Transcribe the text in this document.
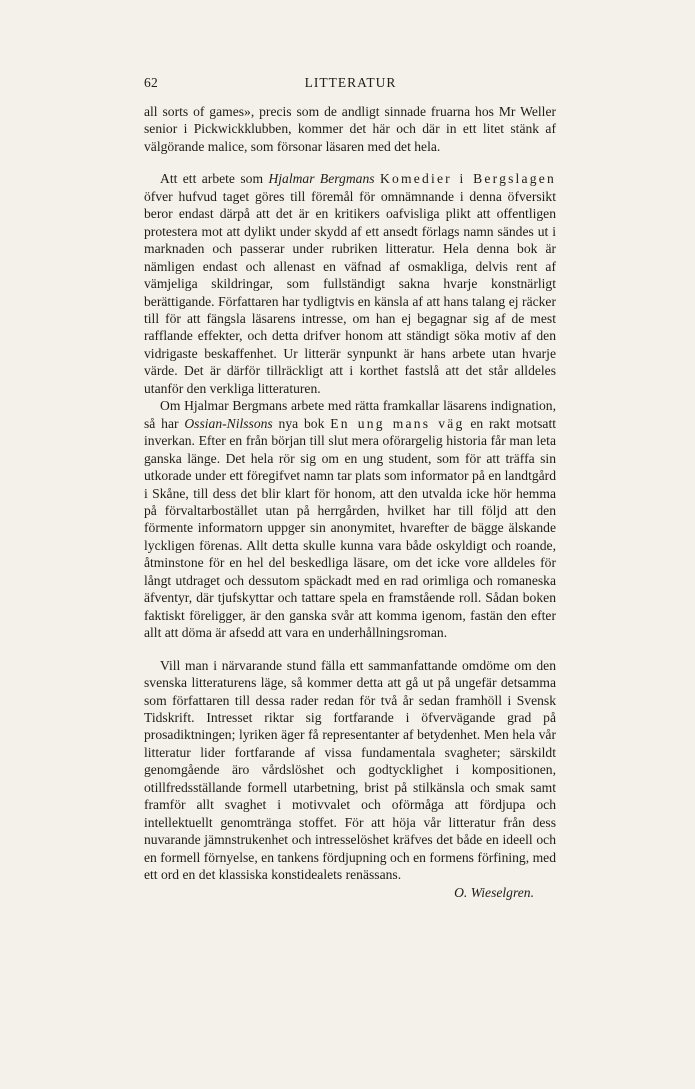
62	LITTERATUR

all sorts of games», precis som de andligt sinnade fruarna hos Mr Weller senior i Pickwickklubben, kommer det här och där in ett litet stänk af välgörande malice, som försonar läsaren med det hela.

Att ett arbete som Hjalmar Bergmans Komedier i Bergslagen öfver hufvud taget göres till föremål för omnämnande i denna öfversikt beror endast därpå att det är en kritikers oafvisliga plikt att offentligen protestera mot att dylikt under skydd af ett ansedt förlags namn sändes ut i marknaden och passerar under rubriken litteratur. Hela denna bok är nämligen endast och allenast en väfnad af osmakliga, delvis rent af vämjeliga skildringar, som fullständigt sakna hvarje konstnärligt berättigande. Författaren har tydligtvis en känsla af att hans talang ej räcker till för att fängsla läsarens intresse, om han ej begagnar sig af de mest rafflande effekter, och detta drifver honom att ständigt söka motiv af den vidrigaste beskaffenhet. Ur litterär synpunkt är hans arbete utan hvarje värde. Det är därför tillräckligt att i korthet fastslå att det står alldeles utanför den verkliga litteraturen.

Om Hjalmar Bergmans arbete med rätta framkallar läsarens indignation, så har Ossian-Nilssons nya bok En ung mans väg en rakt motsatt inverkan. Efter en från början till slut mera oförargelig historia får man leta ganska länge. Det hela rör sig om en ung student, som för att träffa sin utkorade under ett föregifvet namn tar plats som informator på en landtgård i Skåne, till dess det blir klart för honom, att den utvalda icke hör hemma på förvaltarbostället utan på herrgården, hvilket har till följd att den förmente informatorn uppger sin anonymitet, hvarefter de bägge älskande lyckligen förenas. Allt detta skulle kunna vara både oskyldigt och roande, åtminstone för en hel del beskedliga läsare, om det icke vore alldeles för långt utdraget och dessutom späckadt med en rad orimliga och romaneska äfventyr, där tjufskyttar och tattare spela en framstående roll. Sådan boken faktiskt föreligger, är den ganska svår att komma igenom, fastän den efter allt att döma är afsedd att vara en underhållningsroman.

Vill man i närvarande stund fälla ett sammanfattande omdöme om den svenska litteraturens läge, så kommer detta att gå ut på ungefär detsamma som författaren till dessa rader redan för två år sedan framhöll i Svensk Tidskrift. Intresset riktar sig fortfarande i öfvervägande grad på prosadiktningen; lyriken äger få representanter af betydenhet. Men hela vår litteratur lider fortfarande af vissa fundamentala svagheter; särskildt genomgående äro vårdslöshet och godtycklighet i kompositionen, otillfredsställande formell utarbetning, brist på stilkänsla och smak samt framför allt svaghet i motivvalet och oförmåga att fördjupa och intellektuellt genomtränga stoffet. För att höja vår litteratur från dess nuvarande jämnstrukenhet och intresselöshet kräfves det både en ideell och en formell förnyelse, en tankens fördjupning och en formens förfining, med ett ord en det klassiska konstidealets renässans.

O. Wieselgren.
